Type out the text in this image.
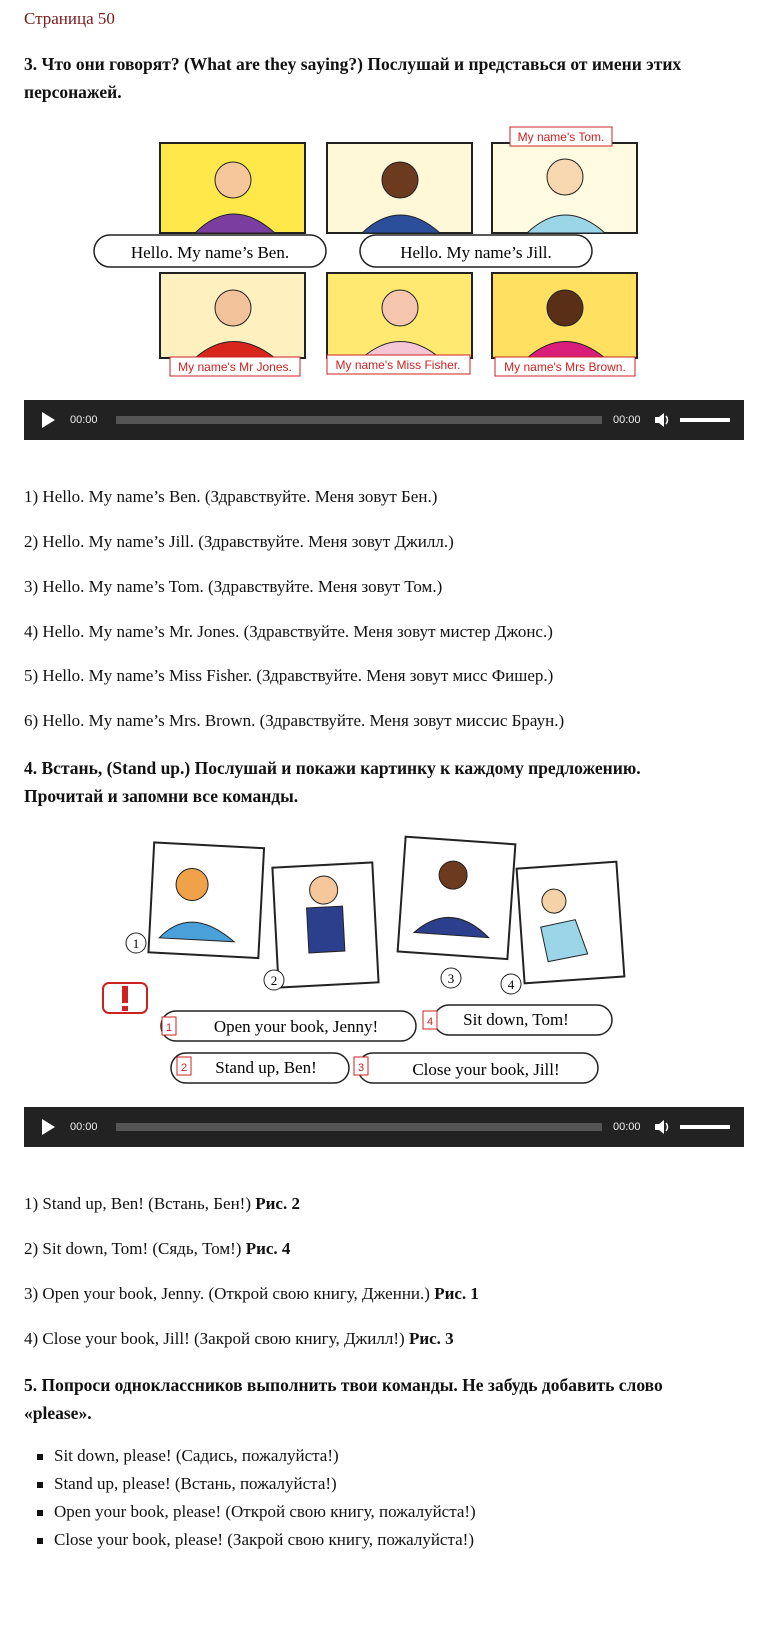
Страница 50
3. Что они говорят? (What are they saying?) Послушай и представься от имени этих персонажей.
Hello. My name’s Ben.	Hello. My name’s Jill.
My name's Tom.
My name's Mr Jones.	My name's Miss Fisher.	My name's Mrs Brown.
00:00	00:00
1) Hello. My name’s Ben. (Здравствуйте. Меня зовут Бен.)
2) Hello. My name’s Jill. (Здравствуйте. Меня зовут Джилл.)
3) Hello. My name’s Tom. (Здравствуйте. Меня зовут Том.)
4) Hello. My name’s Mr. Jones. (Здравствуйте. Меня зовут мистер Джонс.)
5) Hello. My name’s Miss Fisher. (Здравствуйте. Меня зовут мисс Фишер.)
6) Hello. My name’s Mrs. Brown. (Здравствуйте. Меня зовут миссис Браун.)
4. Встань, (Stand up.) Послушай и покажи картинку к каждому предложению. Прочитай и запомни все команды.
1
2	3	4
1	4
2	3
Open your book, Jenny!	Sit down, Tom!
Stand up, Ben!	Close your book, Jill!
00:00	00:00
1) Stand up, Ben! (Встань, Бен!) Рис. 2
2) Sit down, Tom! (Сядь, Том!) Рис. 4
3) Open your book, Jenny. (Открой свою книгу, Дженни.) Рис. 1
4) Close your book, Jill! (Закрой свою книгу, Джилл!) Рис. 3
5. Попроси одноклассников выполнить твои команды. Не забудь добавить слово «please».
Sit down, please! (Садись, пожалуйста!)
Stand up, please! (Встань, пожалуйста!)
Open your book, please! (Открой свою книгу, пожалуйста!)
Close your book, please! (Закрой свою книгу, пожалуйста!)
